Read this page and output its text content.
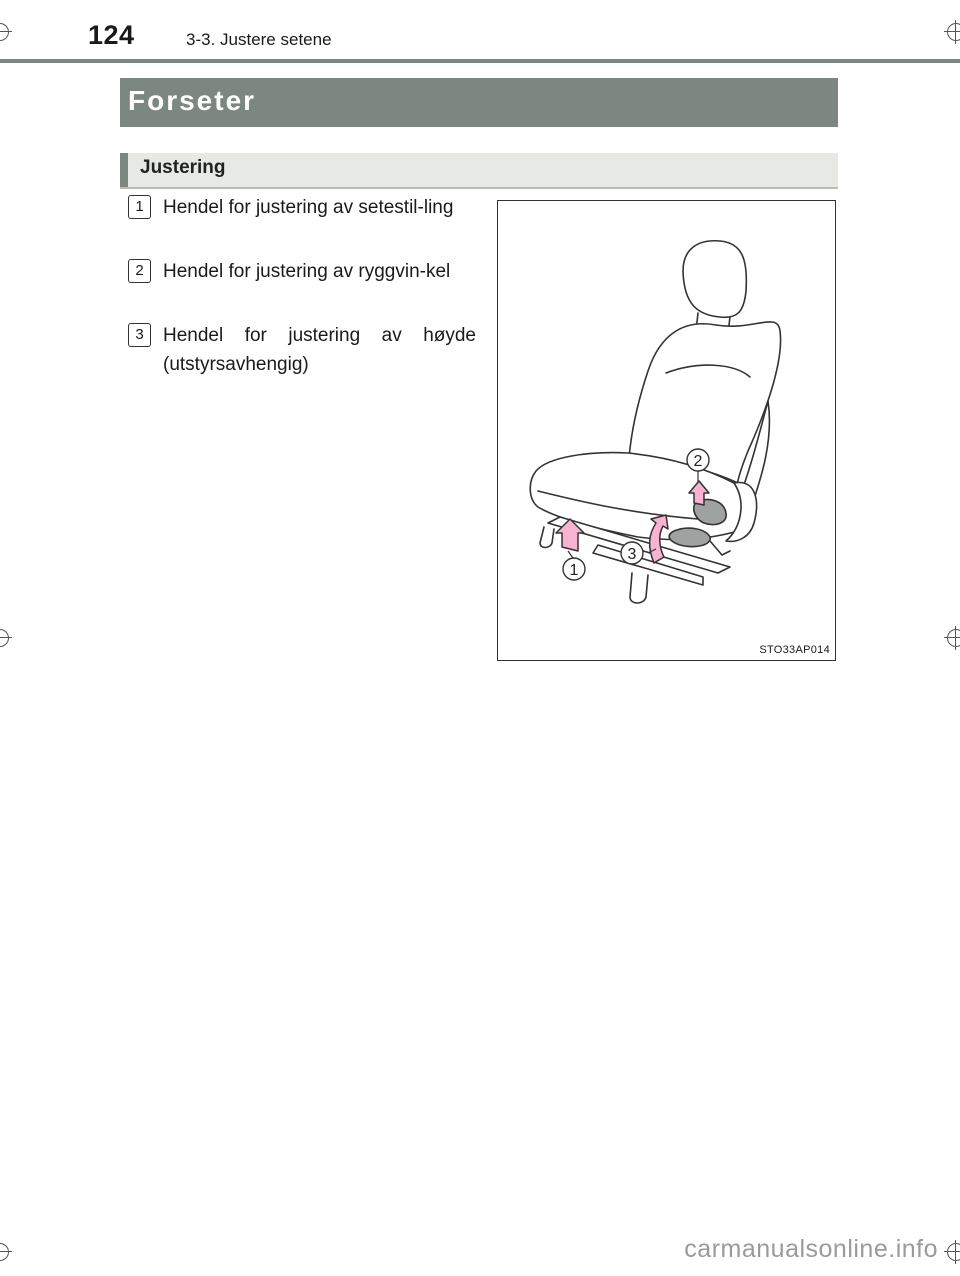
124	3-3. Justere setene
Forseter
Justering
1	Hendel for justering av setestil-ling
2	Hendel for justering av ryggvin-kel
3	Hendel for justering av høyde (utstyrsavhengig)
1
3
2
STO33AP014
carmanualsonline.info
